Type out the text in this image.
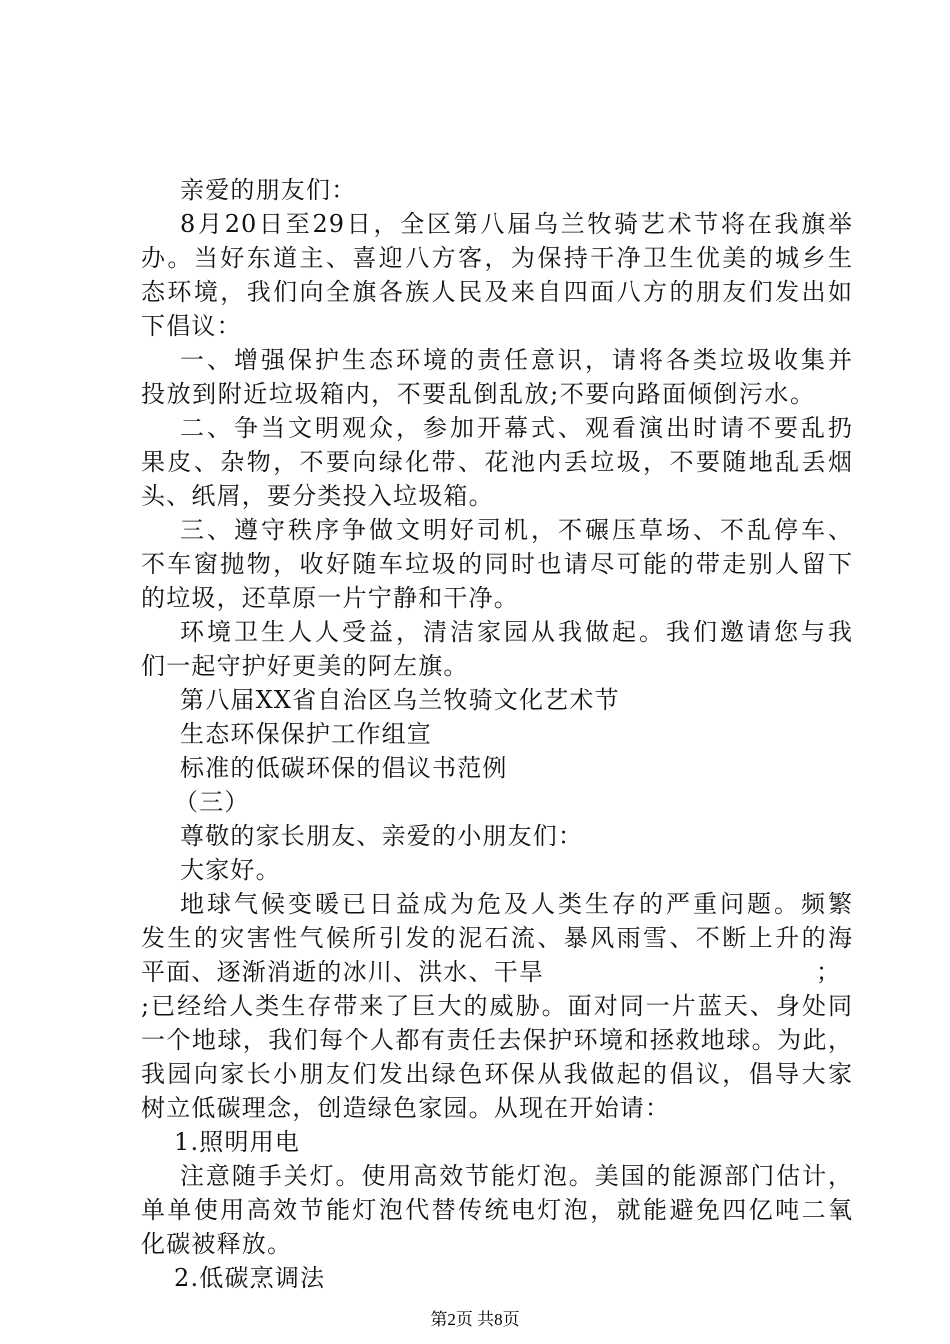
亲爱的朋友们：
8月20日至29日，全区第八届乌兰牧骑艺术节将在我旗举
办。当好东道主、喜迎八方客，为保持干净卫生优美的城乡生
态环境，我们向全旗各族人民及来自四面八方的朋友们发出如
下倡议：
一、增强保护生态环境的责任意识，请将各类垃圾收集并
投放到附近垃圾箱内，不要乱倒乱放;不要向路面倾倒污水。
二、争当文明观众，参加开幕式、观看演出时请不要乱扔
果皮、杂物，不要向绿化带、花池内丢垃圾，不要随地乱丢烟
头、纸屑，要分类投入垃圾箱。
三、遵守秩序争做文明好司机，不碾压草场、不乱停车、
不车窗抛物，收好随车垃圾的同时也请尽可能的带走别人留下
的垃圾，还草原一片宁静和干净。
环境卫生人人受益，清洁家园从我做起。我们邀请您与我
们一起守护好更美的阿左旗。
第八届XX省自治区乌兰牧骑文化艺术节
生态环保保护工作组宣
标准的低碳环保的倡议书范例
（三）
尊敬的家长朋友、亲爱的小朋友们：
大家好。
地球气候变暖已日益成为危及人类生存的严重问题。频繁
发生的灾害性气候所引发的泥石流、暴风雨雪、不断上升的海
平面、逐渐消逝的冰川、洪水、干旱	；
;已经给人类生存带来了巨大的威胁。面对同一片蓝天、身处同
一个地球，我们每个人都有责任去保护环境和拯救地球。为此，
我园向家长小朋友们发出绿色环保从我做起的倡议，倡导大家
树立低碳理念，创造绿色家园。从现在开始请：
1.照明用电
注意随手关灯。使用高效节能灯泡。美国的能源部门估计，
单单使用高效节能灯泡代替传统电灯泡，就能避免四亿吨二氧
化碳被释放。
2.低碳烹调法
第2页 共8页
